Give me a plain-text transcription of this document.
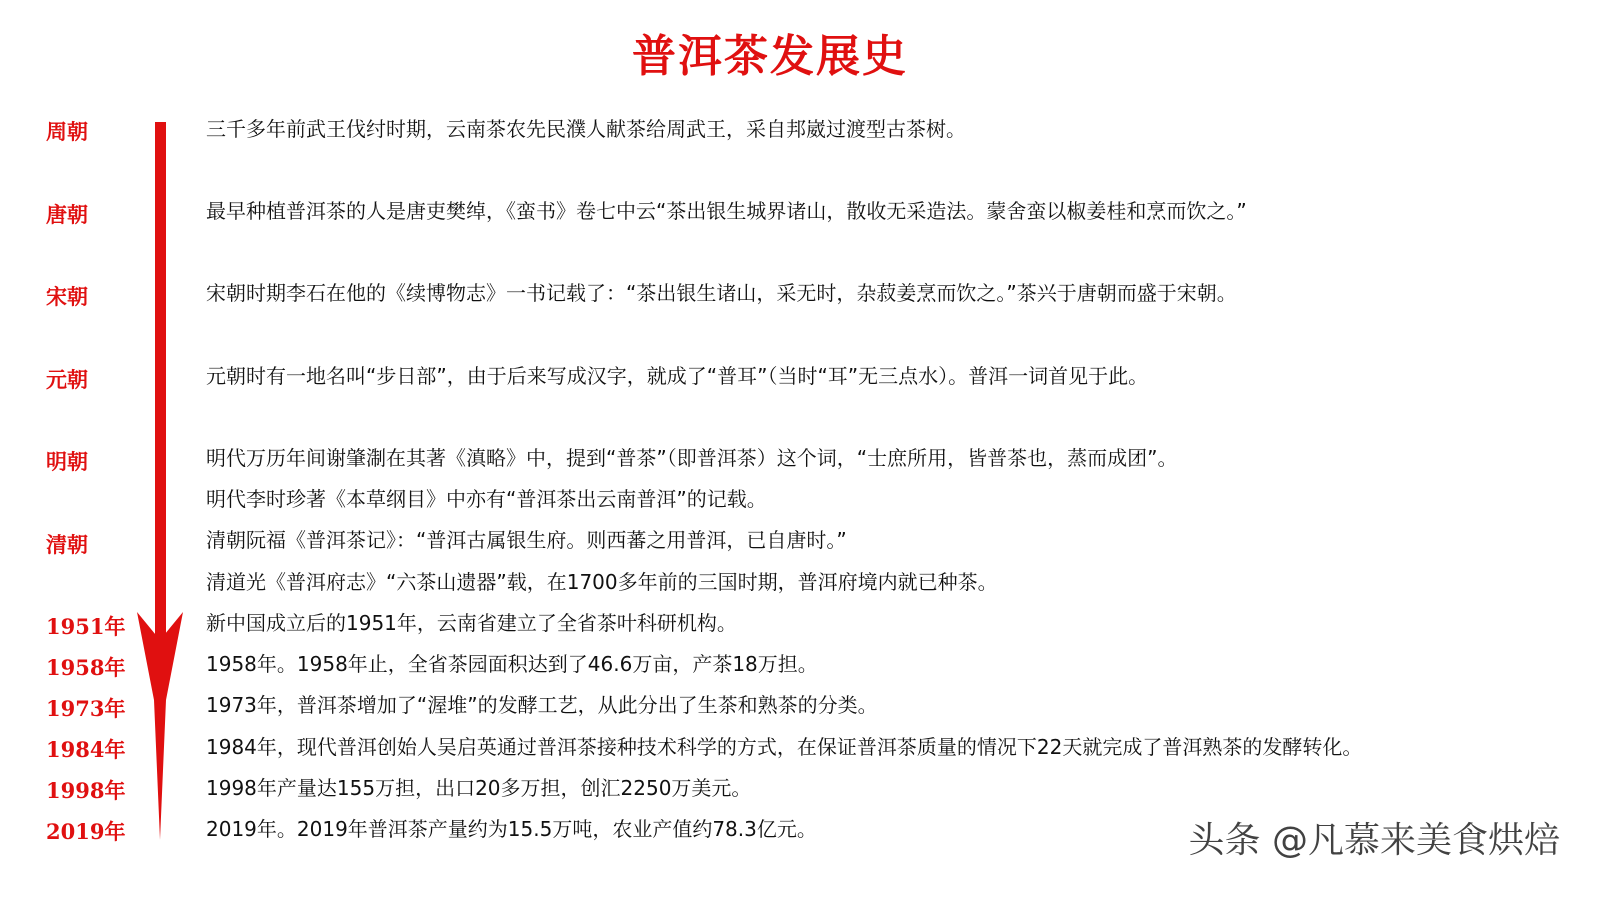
普洱茶发展史
周朝
唐朝
宋朝
元朝
明朝
清朝
1951年
1958年
1973年
1984年
1998年
2019年
三千多年前武王伐纣时期，云南茶农先民濮人献茶给周武王，采自邦崴过渡型古茶树。
最早种植普洱茶的人是唐吏樊绰，《蛮书》卷七中云“茶出银生城界诸山，散收无采造法。蒙舍蛮以椒姜桂和烹而饮之。”
宋朝时期李石在他的《续博物志》一书记载了：“茶出银生诸山，采无时，杂菽姜烹而饮之。”茶兴于唐朝而盛于宋朝。
元朝时有一地名叫“步日部”，由于后来写成汉字，就成了“普耳”（当时“耳”无三点水）。普洱一词首见于此。
明代万历年间谢肇淛在其著《滇略》中，提到“普茶”（即普洱茶）这个词，“士庶所用，皆普茶也，蒸而成团”。
明代李时珍著《本草纲目》中亦有“普洱茶出云南普洱”的记载。
清朝阮福《普洱茶记》：“普洱古属银生府。则西蕃之用普洱，已自唐时。”
清道光《普洱府志》“六茶山遗器”载，在1700多年前的三国时期，普洱府境内就已种茶。
新中国成立后的1951年，云南省建立了全省茶叶科研机构。
1958年。1958年止，全省茶园面积达到了46.6万亩，产茶18万担。
1973年，普洱茶增加了“渥堆”的发酵工艺，从此分出了生茶和熟茶的分类。
1984年，现代普洱创始人吴启英通过普洱茶接种技术科学的方式，在保证普洱茶质量的情况下22天就完成了普洱熟茶的发酵转化。
1998年产量达155万担，出口20多万担，创汇2250万美元。
2019年。2019年普洱茶产量约为15.5万吨，农业产值约78.3亿元。	头条 @凡慕来美食烘焙
